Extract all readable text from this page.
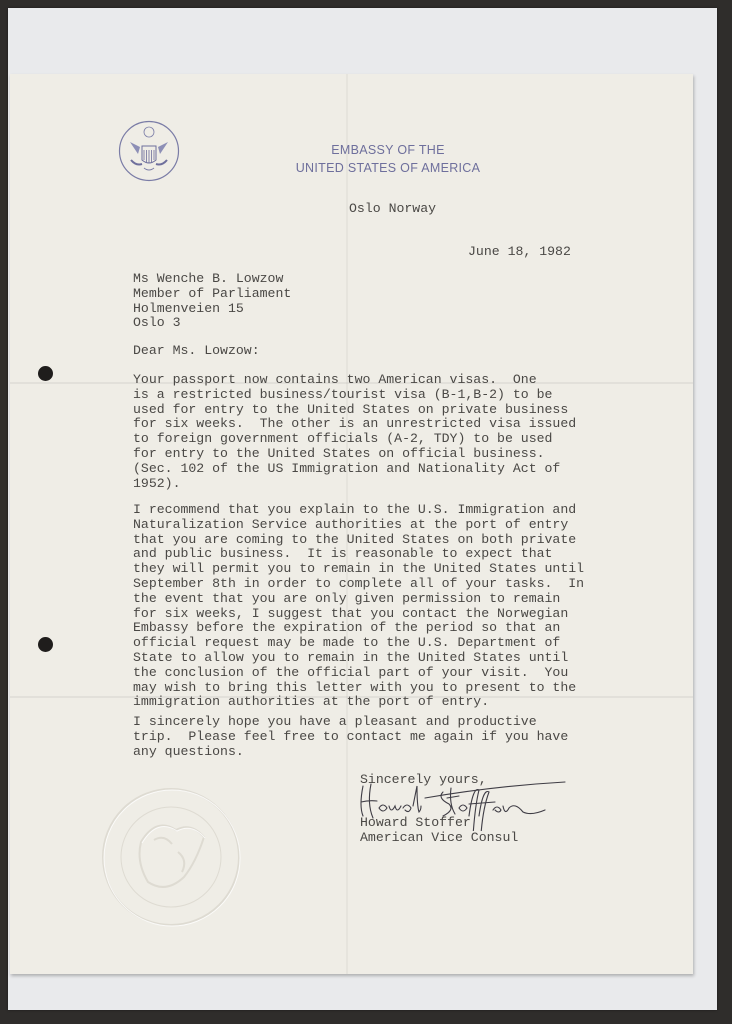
EMBASSY OF THE
UNITED STATES OF AMERICA
Oslo Norway
June 18, 1982
Ms Wenche B. Lowzow
Member of Parliament
Holmenveien 15
Oslo 3
Dear Ms. Lowzow:
Your passport now contains two American visas.  One
is a restricted business/tourist visa (B-1,B-2) to be
used for entry to the United States on private business
for six weeks.  The other is an unrestricted visa issued
to foreign government officials (A-2, TDY) to be used
for entry to the United States on official business.
(Sec. 102 of the US Immigration and Nationality Act of
1952).
I recommend that you explain to the U.S. Immigration and
Naturalization Service authorities at the port of entry
that you are coming to the United States on both private
and public business.  It is reasonable to expect that
they will permit you to remain in the United States until
September 8th in order to complete all of your tasks.  In
the event that you are only given permission to remain
for six weeks, I suggest that you contact the Norwegian
Embassy before the expiration of the period so that an
official request may be made to the U.S. Department of
State to allow you to remain in the United States until
the conclusion of the official part of your visit.  You
may wish to bring this letter with you to present to the
immigration authorities at the port of entry.
I sincerely hope you have a pleasant and productive
trip.  Please feel free to contact me again if you have
any questions.
Sincerely yours,
Howard Stoffer
American Vice Consul
